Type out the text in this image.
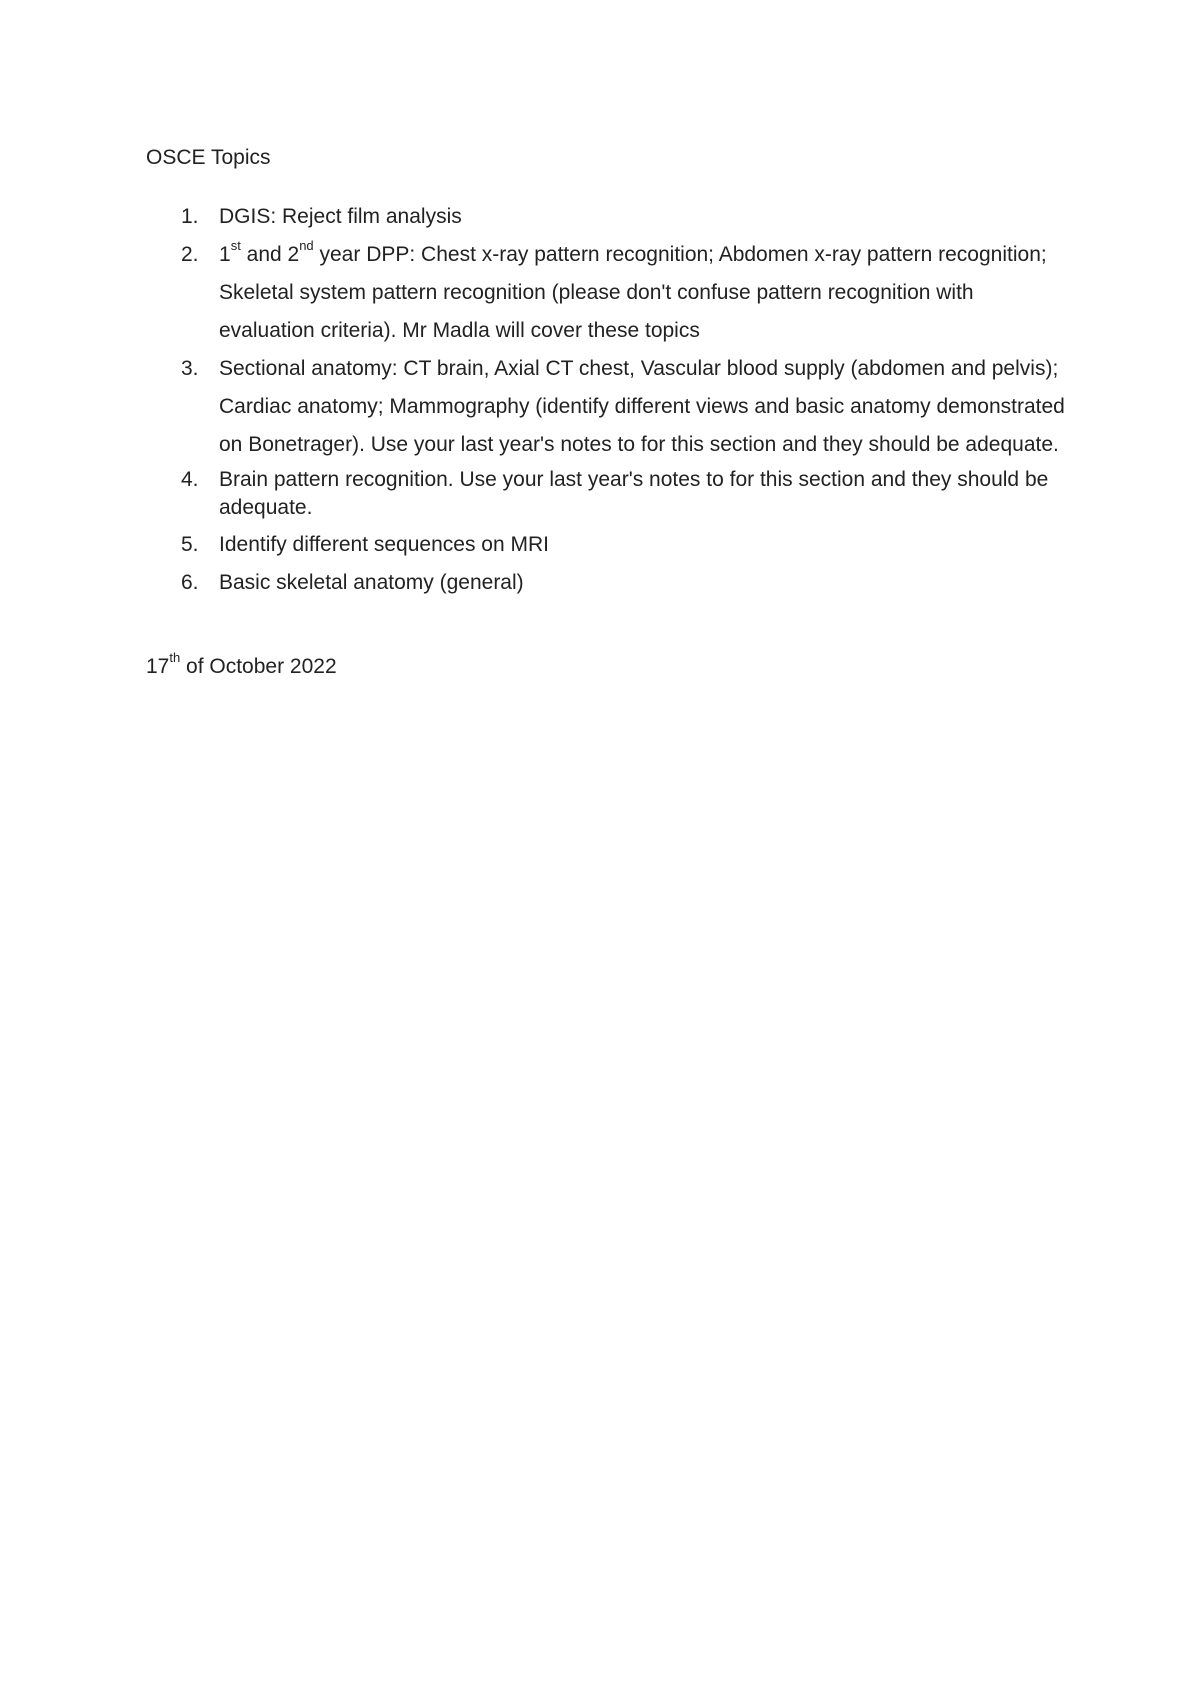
OSCE Topics

1. DGIS: Reject film analysis
2. 1st and 2nd year DPP: Chest x-ray pattern recognition; Abdomen x-ray pattern recognition; Skeletal system pattern recognition (please don't confuse pattern recognition with evaluation criteria). Mr Madla will cover these topics
3. Sectional anatomy: CT brain, Axial CT chest, Vascular blood supply (abdomen and pelvis); Cardiac anatomy; Mammography (identify different views and basic anatomy demonstrated on Bonetrager). Use your last year's notes to for this section and they should be adequate.
4. Brain pattern recognition. Use your last year's notes to for this section and they should be adequate.
5. Identify different sequences on MRI
6. Basic skeletal anatomy (general)

17th of October 2022
